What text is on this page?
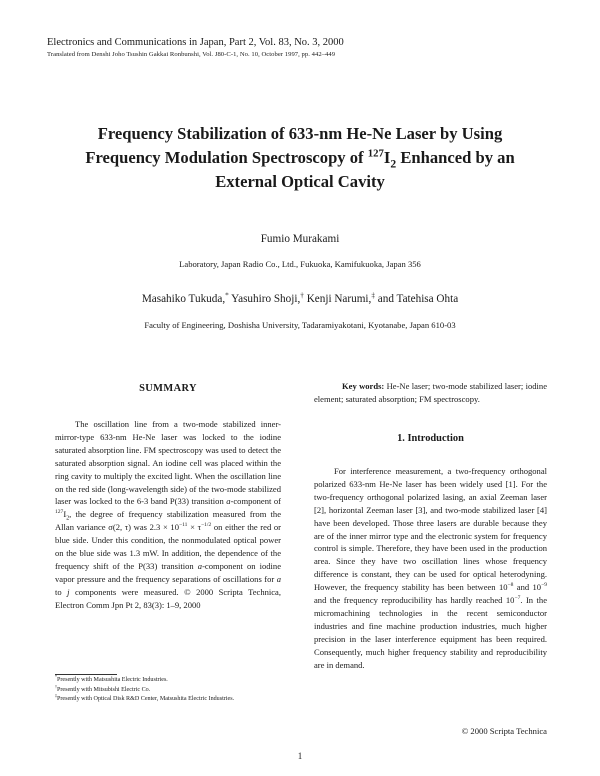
Electronics and Communications in Japan, Part 2, Vol. 83, No. 3, 2000
Translated from Denshi Joho Tsushin Gakkai Ronbunshi, Vol. J80-C-1, No. 10, October 1997, pp. 442–449
Frequency Stabilization of 633-nm He-Ne Laser by Using
Frequency Modulation Spectroscopy of $^{127}I_2$ Enhanced by an
External Optical Cavity
Fumio Murakami
Laboratory, Japan Radio Co., Ltd., Fukuoka, Kamifukuoka, Japan 356
Masahiko Tukuda,* Yasuhiro Shoji,† Kenji Narumi,‡ and Tatehisa Ohta
Faculty of Engineering, Doshisha University, Tadaramiyakotani, Kyotanabe, Japan 610-03
SUMMARY

The oscillation line from a two-mode stabilized inner-mirror-type 633-nm He-Ne laser was locked to the iodine saturated absorption line. FM spectroscopy was used to detect the saturated absorption signal. An iodine cell was placed within the ring cavity to multiply the excited light. When the oscillation line on the red side (long-wavelength side) of the two-mode stabilized laser was locked to the 6-3 band P(33) transition a-component of $^{127}I_2$, the degree of frequency stabilization measured from the Allan variance σ(2, τ) was $2.3 \times 10^{-11} \times \tau^{-1/2}$ on either the red or blue side. Under this condition, the nonmodulated optical power on the blue side was 1.3 mW. In addition, the dependence of the frequency shift of the P(33) transition a-component on iodine vapor pressure and the frequency separations of oscillations for a to j components were measured. © 2000 Scripta Technica, Electron Comm Jpn Pt 2, 83(3): 1–9, 2000

*Presently with Matsushita Electric Industries.
†Presently with Mitsubishi Electric Co.
‡Presently with Optical Disk R&D Center, Matsushita Electric Industries.
Key words: He-Ne laser; two-mode stabilized laser; iodine element; saturated absorption; FM spectroscopy.
1. Introduction

For interference measurement, a two-frequency orthogonal polarized 633-nm He-Ne laser has been widely used [1]. For the two-frequency orthogonal polarized lasing, an axial Zeeman laser [2], horizontal Zeeman laser [3], and two-mode stabilized laser [4] have been developed. Those three lasers are durable because they are of the inner mirror type and the electronic system for frequency control is simple. Therefore, they have been used in the production area. Since they have two oscillation lines whose frequency difference is constant, they can be used for optical heterodyning. However, the frequency stability has been between $10^{-8}$ and $10^{-9}$ and the frequency reproducibility has hardly reached $10^{-7}$. In the micromachining technologies in the recent semiconductor industries and fine machine production industries, much higher precision in the laser interference equipment has been required. Consequently, much higher frequency stability and reproducibility are in demand.

© 2000 Scripta Technica
1
